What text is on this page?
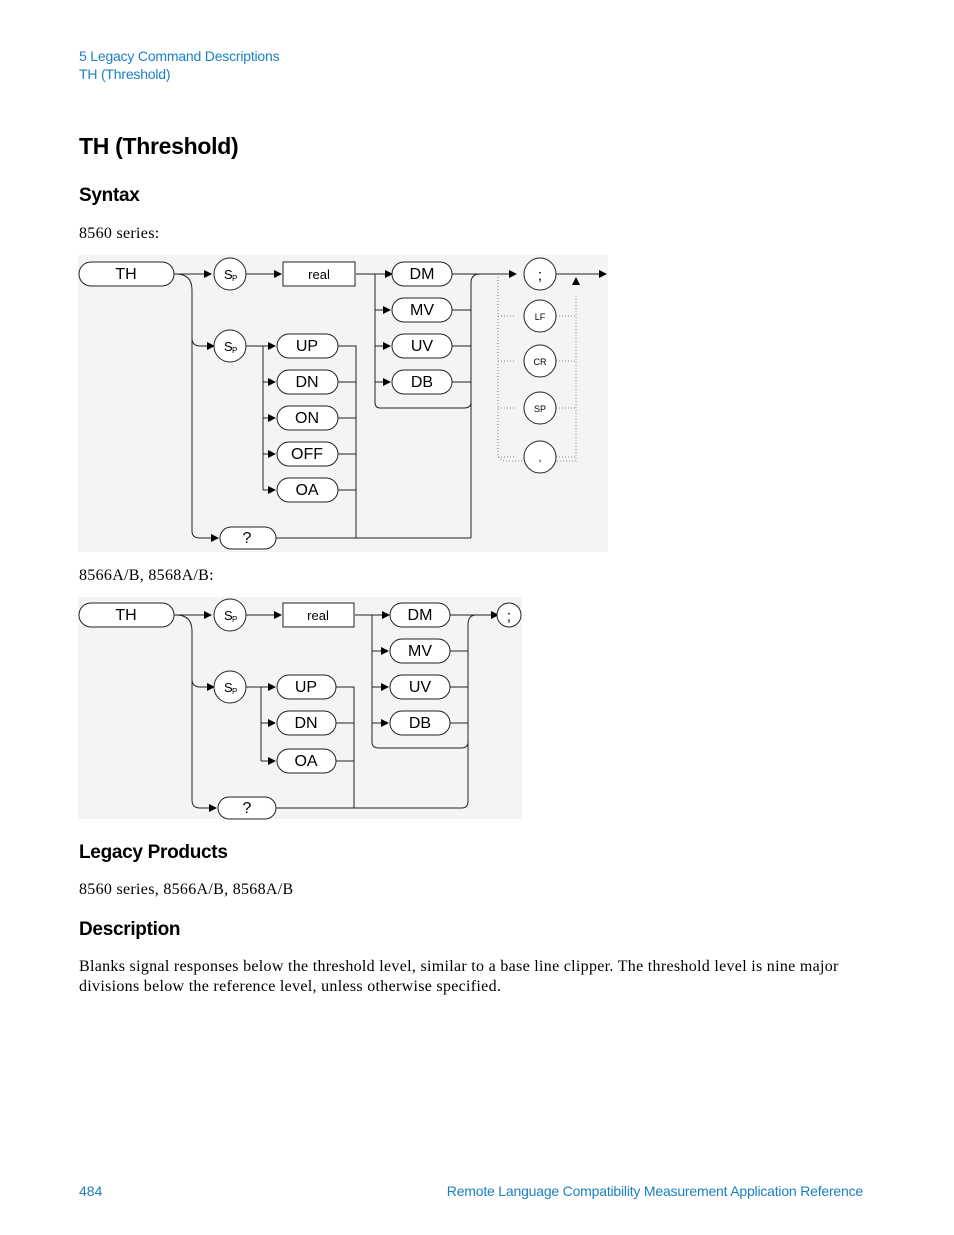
5 Legacy Command Descriptions
TH (Threshold)
TH (Threshold)
Syntax
8560 series:
TH	S P	real	DM
MV
UV
DB
S P	UP
DN
ON
OFF
OA
?
;
LF
CR
SP
,
8566A/B, 8568A/B:
TH	S P	real	DM
MV
UV
DB
S P	UP
DN
OA
?
;
Legacy Products
8560 series, 8566A/B, 8568A/B
Description
Blanks signal responses below the threshold level, similar to a base line clipper. The threshold level is nine major divisions below the reference level, unless otherwise specified.
484	Remote Language Compatibility Measurement Application Reference
